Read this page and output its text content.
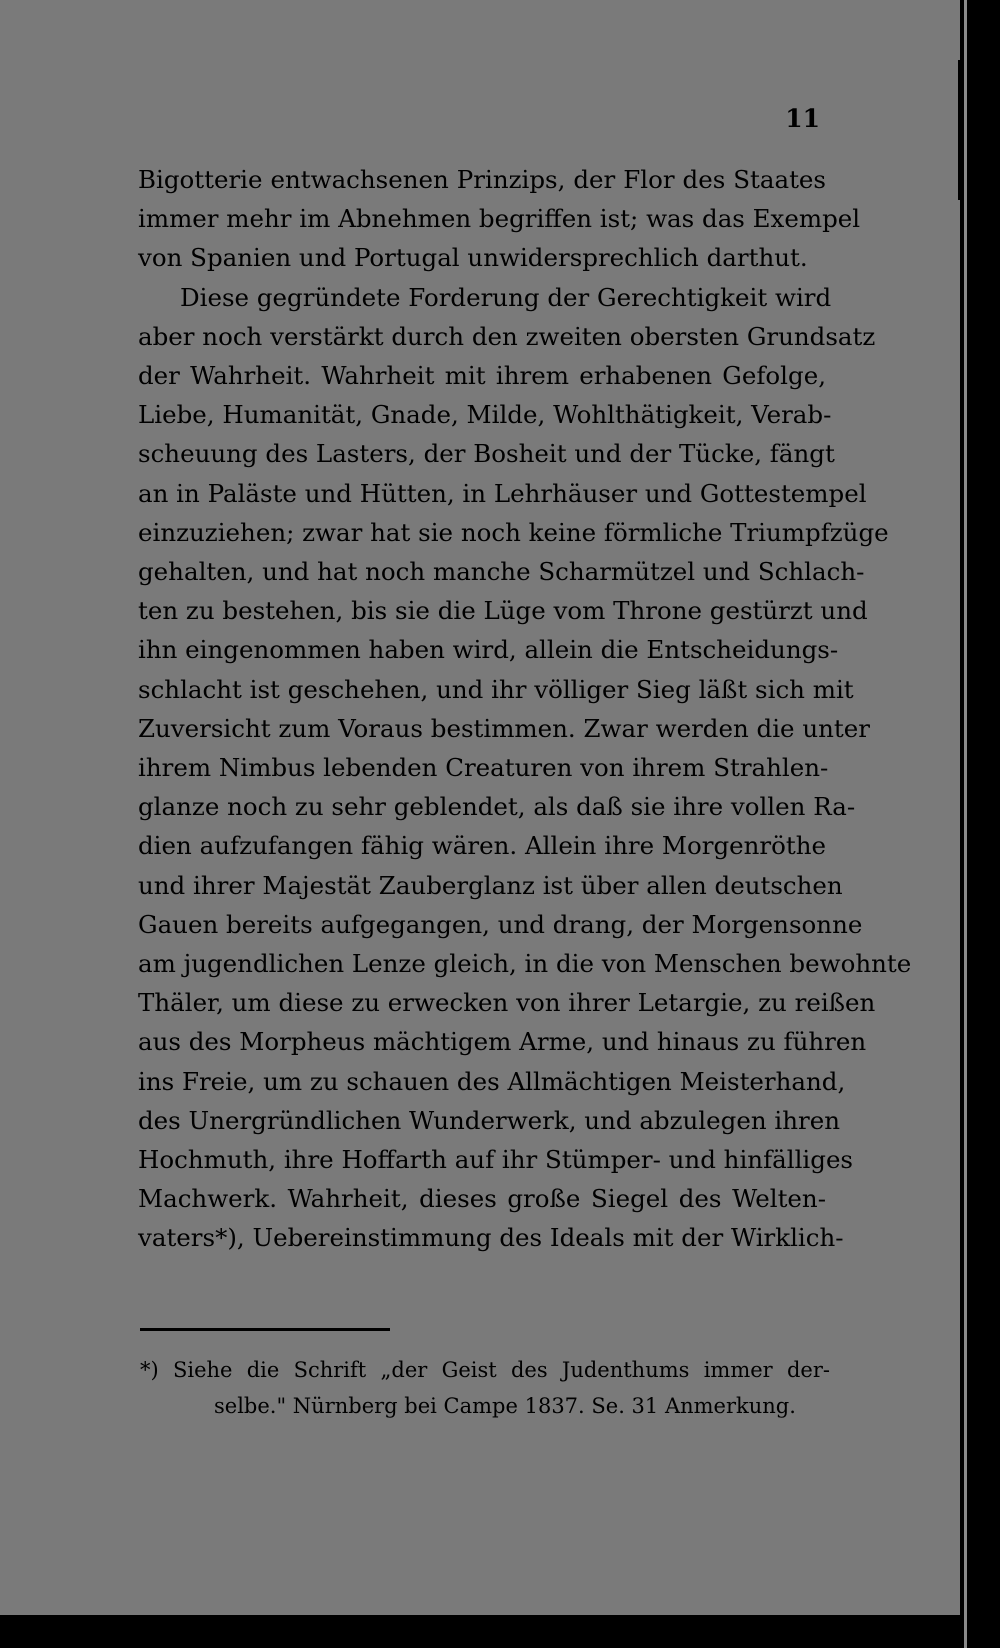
11
Bigotterie entwachsenen Prinzips, der Flor des Staates
immer mehr im Abnehmen begriffen ist; was das Exempel
von Spanien und Portugal unwidersprechlich darthut.
Diese gegründete Forderung der Gerechtigkeit wird
aber noch verstärkt durch den zweiten obersten Grundsatz
der Wahrheit. Wahrheit mit ihrem erhabenen Gefolge,
Liebe, Humanität, Gnade, Milde, Wohlthätigkeit, Verab-
scheuung des Lasters, der Bosheit und der Tücke, fängt
an in Paläste und Hütten, in Lehrhäuser und Gottestempel
einzuziehen; zwar hat sie noch keine förmliche Triumpfzüge
gehalten, und hat noch manche Scharmützel und Schlach-
ten zu bestehen, bis sie die Lüge vom Throne gestürzt und
ihn eingenommen haben wird, allein die Entscheidungs-
schlacht ist geschehen, und ihr völliger Sieg läßt sich mit
Zuversicht zum Voraus bestimmen. Zwar werden die unter
ihrem Nimbus lebenden Creaturen von ihrem Strahlen-
glanze noch zu sehr geblendet, als daß sie ihre vollen Ra-
dien aufzufangen fähig wären. Allein ihre Morgenröthe
und ihrer Majestät Zauberglanz ist über allen deutschen
Gauen bereits aufgegangen, und drang, der Morgensonne
am jugendlichen Lenze gleich, in die von Menschen bewohnte
Thäler, um diese zu erwecken von ihrer Letargie, zu reißen
aus des Morpheus mächtigem Arme, und hinaus zu führen
ins Freie, um zu schauen des Allmächtigen Meisterhand,
des Unergründlichen Wunderwerk, und abzulegen ihren
Hochmuth, ihre Hoffarth auf ihr Stümper- und hinfälliges
Machwerk. Wahrheit, dieses große Siegel des Welten-
vaters*), Uebereinstimmung des Ideals mit der Wirklich-
*) Siehe die Schrift „der Geist des Judenthums immer der-
selbe." Nürnberg bei Campe 1837. Se. 31 Anmerkung.
